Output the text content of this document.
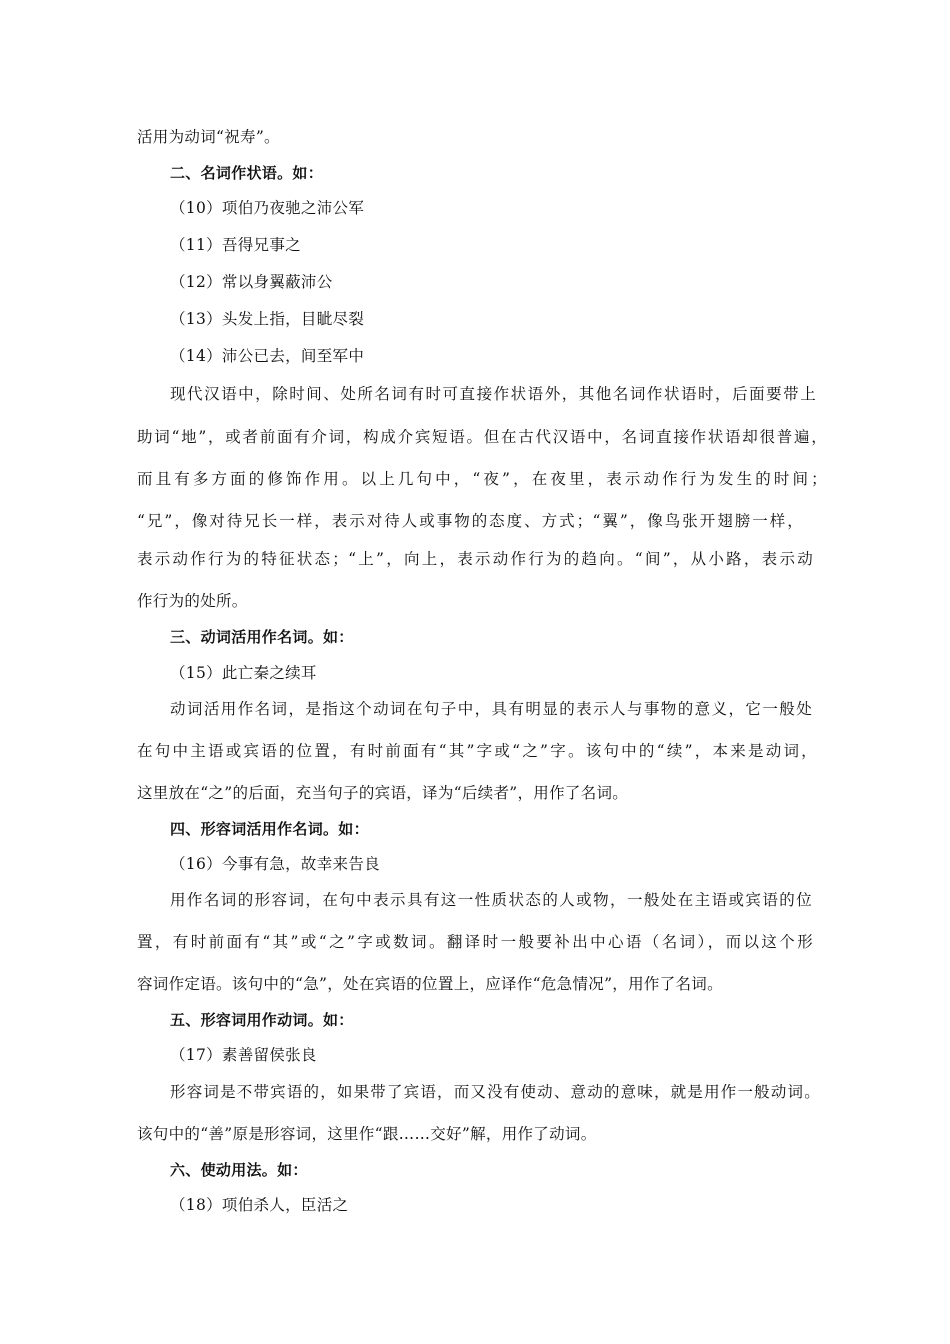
活用为动词“祝寿”。
二、名词作状语。如：
（10）项伯乃夜驰之沛公军
（11）吾得兄事之
（12）常以身翼蔽沛公
（13）头发上指，目眦尽裂
（14）沛公已去，间至军中
现代汉语中，除时间、处所名词有时可直接作状语外，其他名词作状语时，后面要带上
助词“地”，或者前面有介词，构成介宾短语。但在古代汉语中，名词直接作状语却很普遍，
而且有多方面的修饰作用。以上几句中，“夜”，在夜里，表示动作行为发生的时间；
“兄”，像对待兄长一样，表示对待人或事物的态度、方式；“翼”，像鸟张开翅膀一样，
表示动作行为的特征状态；“上”，向上，表示动作行为的趋向。“间”，从小路，表示动
作行为的处所。
三、动词活用作名词。如：
（15）此亡秦之续耳
动词活用作名词，是指这个动词在句子中，具有明显的表示人与事物的意义，它一般处
在句中主语或宾语的位置，有时前面有“其”字或“之”字。该句中的“续”，本来是动词，
这里放在“之”的后面，充当句子的宾语，译为“后续者”，用作了名词。
四、形容词活用作名词。如：
（16）今事有急，故幸来告良
用作名词的形容词，在句中表示具有这一性质状态的人或物，一般处在主语或宾语的位
置，有时前面有“其”或“之”字或数词。翻译时一般要补出中心语（名词），而以这个形
容词作定语。该句中的“急”，处在宾语的位置上，应译作“危急情况”，用作了名词。
五、形容词用作动词。如：
（17）素善留侯张良
形容词是不带宾语的，如果带了宾语，而又没有使动、意动的意味，就是用作一般动词。
该句中的“善”原是形容词，这里作“跟……交好”解，用作了动词。
六、使动用法。如：
（18）项伯杀人，臣活之
